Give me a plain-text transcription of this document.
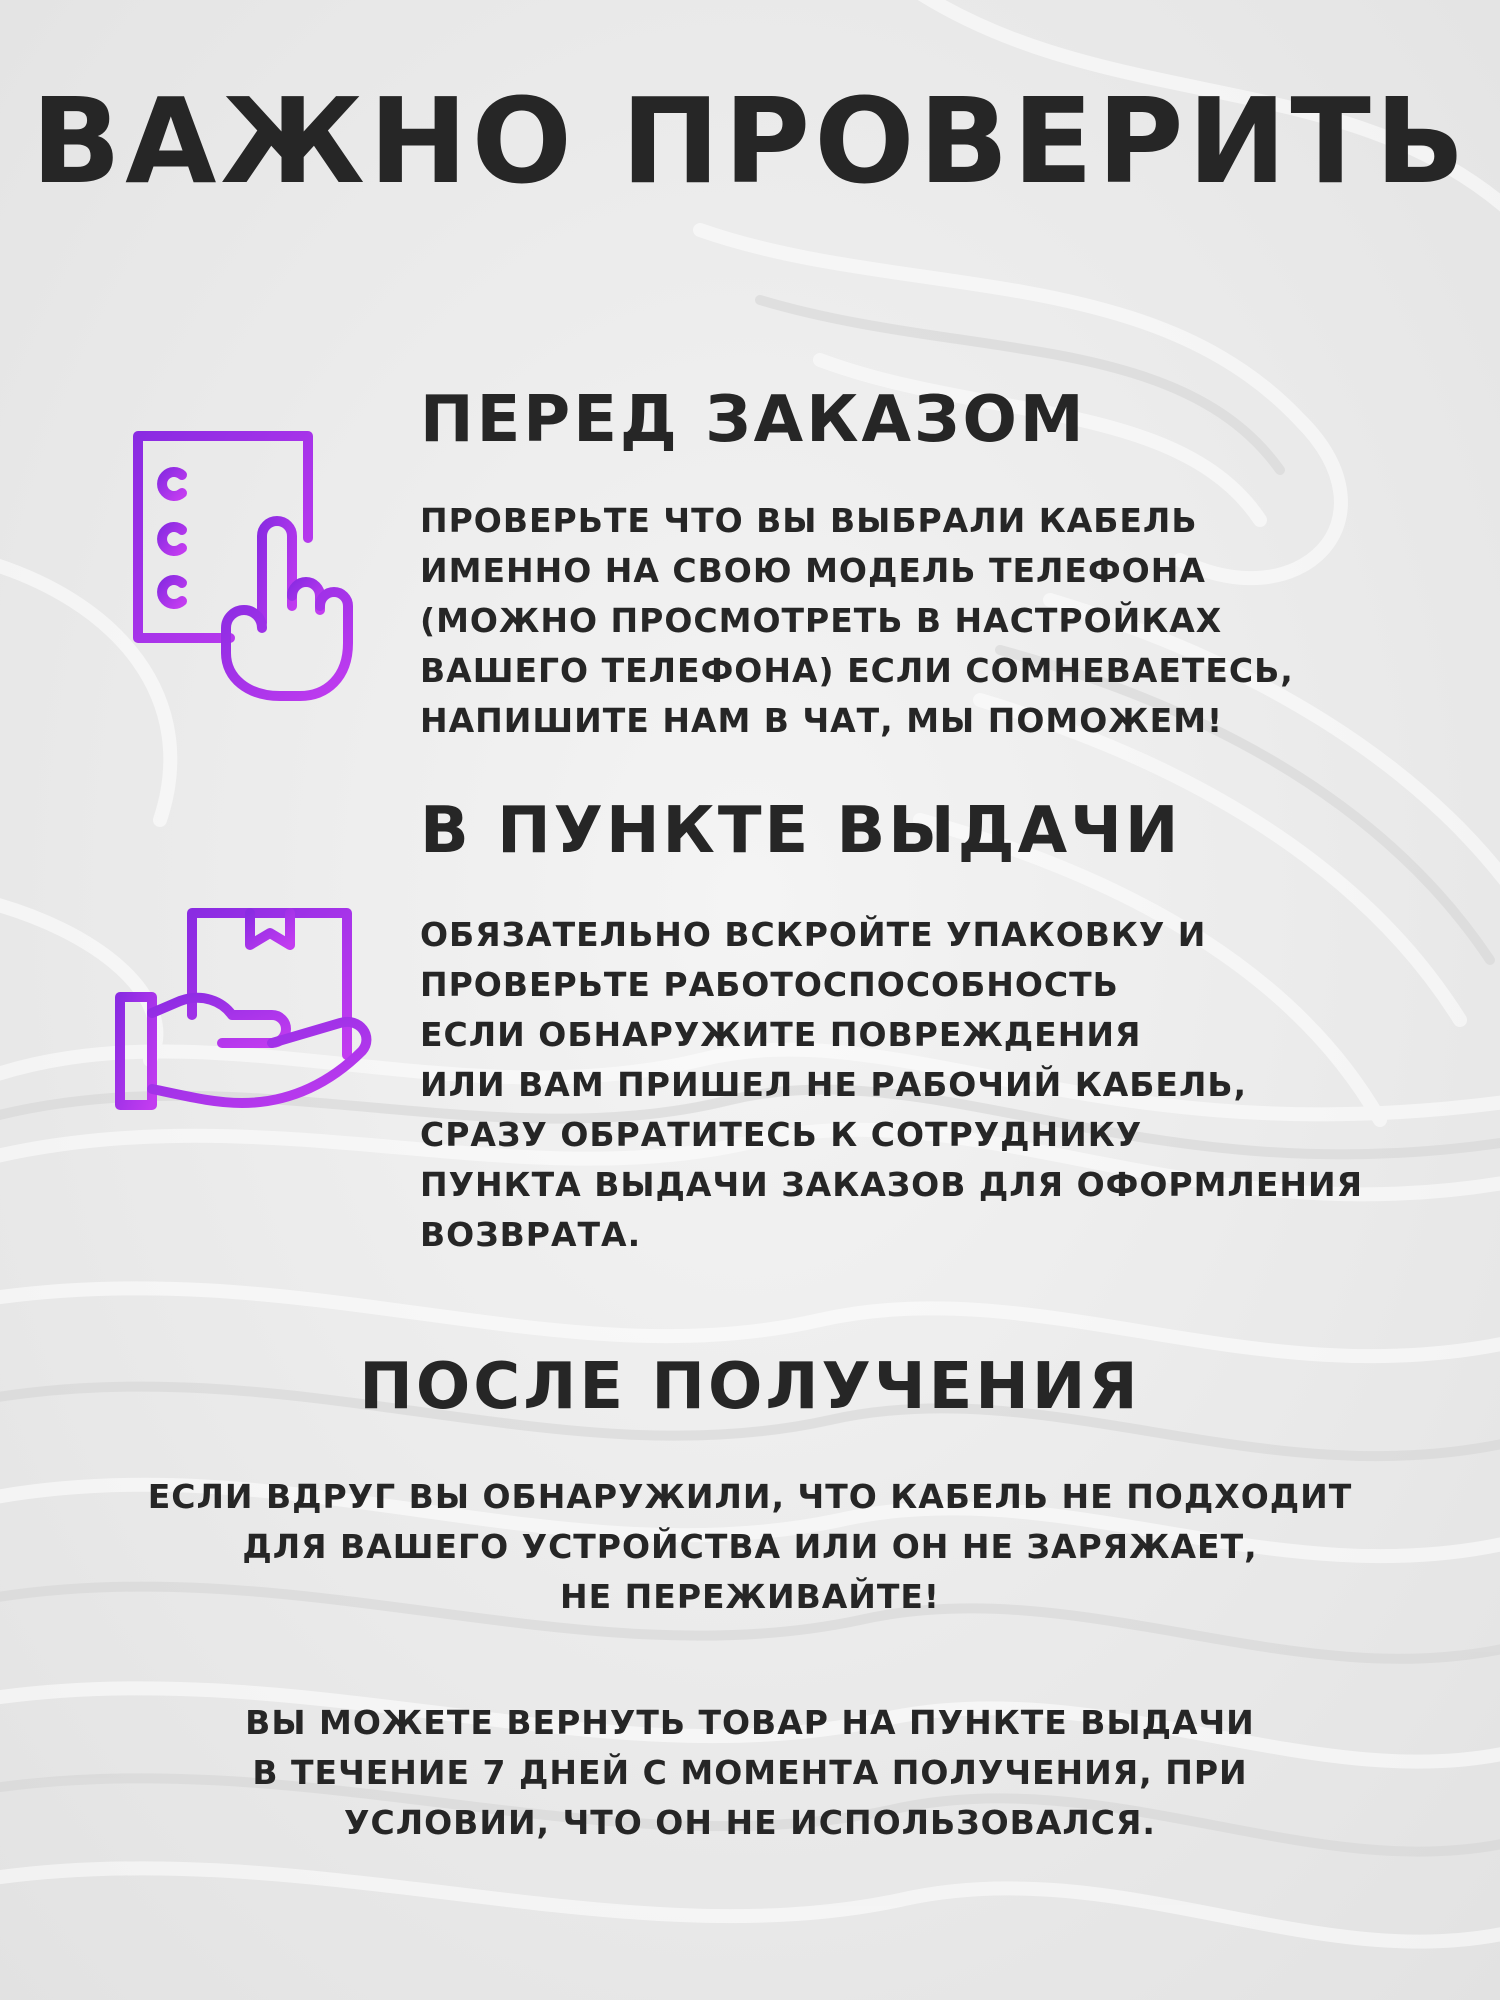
ВАЖНО ПРОВЕРИТЬ
ПЕРЕД ЗАКАЗОМ
ПРОВЕРЬТЕ ЧТО ВЫ ВЫБРАЛИ КАБЕЛЬ
ИМЕННО НА СВОЮ МОДЕЛЬ ТЕЛЕФОНА
(МОЖНО ПРОСМОТРЕТЬ В НАСТРОЙКАХ
ВАШЕГО ТЕЛЕФОНА) ЕСЛИ СОМНЕВАЕТЕСЬ,
НАПИШИТЕ НАМ В ЧАТ, МЫ ПОМОЖЕМ!
В ПУНКТЕ ВЫДАЧИ
ОБЯЗАТЕЛЬНО ВСКРОЙТЕ УПАКОВКУ И
ПРОВЕРЬТЕ РАБОТОСПОСОБНОСТЬ
ЕСЛИ ОБНАРУЖИТЕ ПОВРЕЖДЕНИЯ
ИЛИ ВАМ ПРИШЕЛ НЕ РАБОЧИЙ КАБЕЛЬ,
СРАЗУ ОБРАТИТЕСЬ К СОТРУДНИКУ
ПУНКТА ВЫДАЧИ ЗАКАЗОВ ДЛЯ ОФОРМЛЕНИЯ
ВОЗВРАТА.
ПОСЛЕ ПОЛУЧЕНИЯ
ЕСЛИ ВДРУГ ВЫ ОБНАРУЖИЛИ, ЧТО КАБЕЛЬ НЕ ПОДХОДИТ
ДЛЯ ВАШЕГО УСТРОЙСТВА ИЛИ ОН НЕ ЗАРЯЖАЕТ,
НЕ ПЕРЕЖИВАЙТЕ!
ВЫ МОЖЕТЕ ВЕРНУТЬ ТОВАР НА ПУНКТЕ ВЫДАЧИ
В ТЕЧЕНИЕ 7 ДНЕЙ С МОМЕНТА ПОЛУЧЕНИЯ, ПРИ
УСЛОВИИ, ЧТО ОН НЕ ИСПОЛЬЗОВАЛСЯ.
